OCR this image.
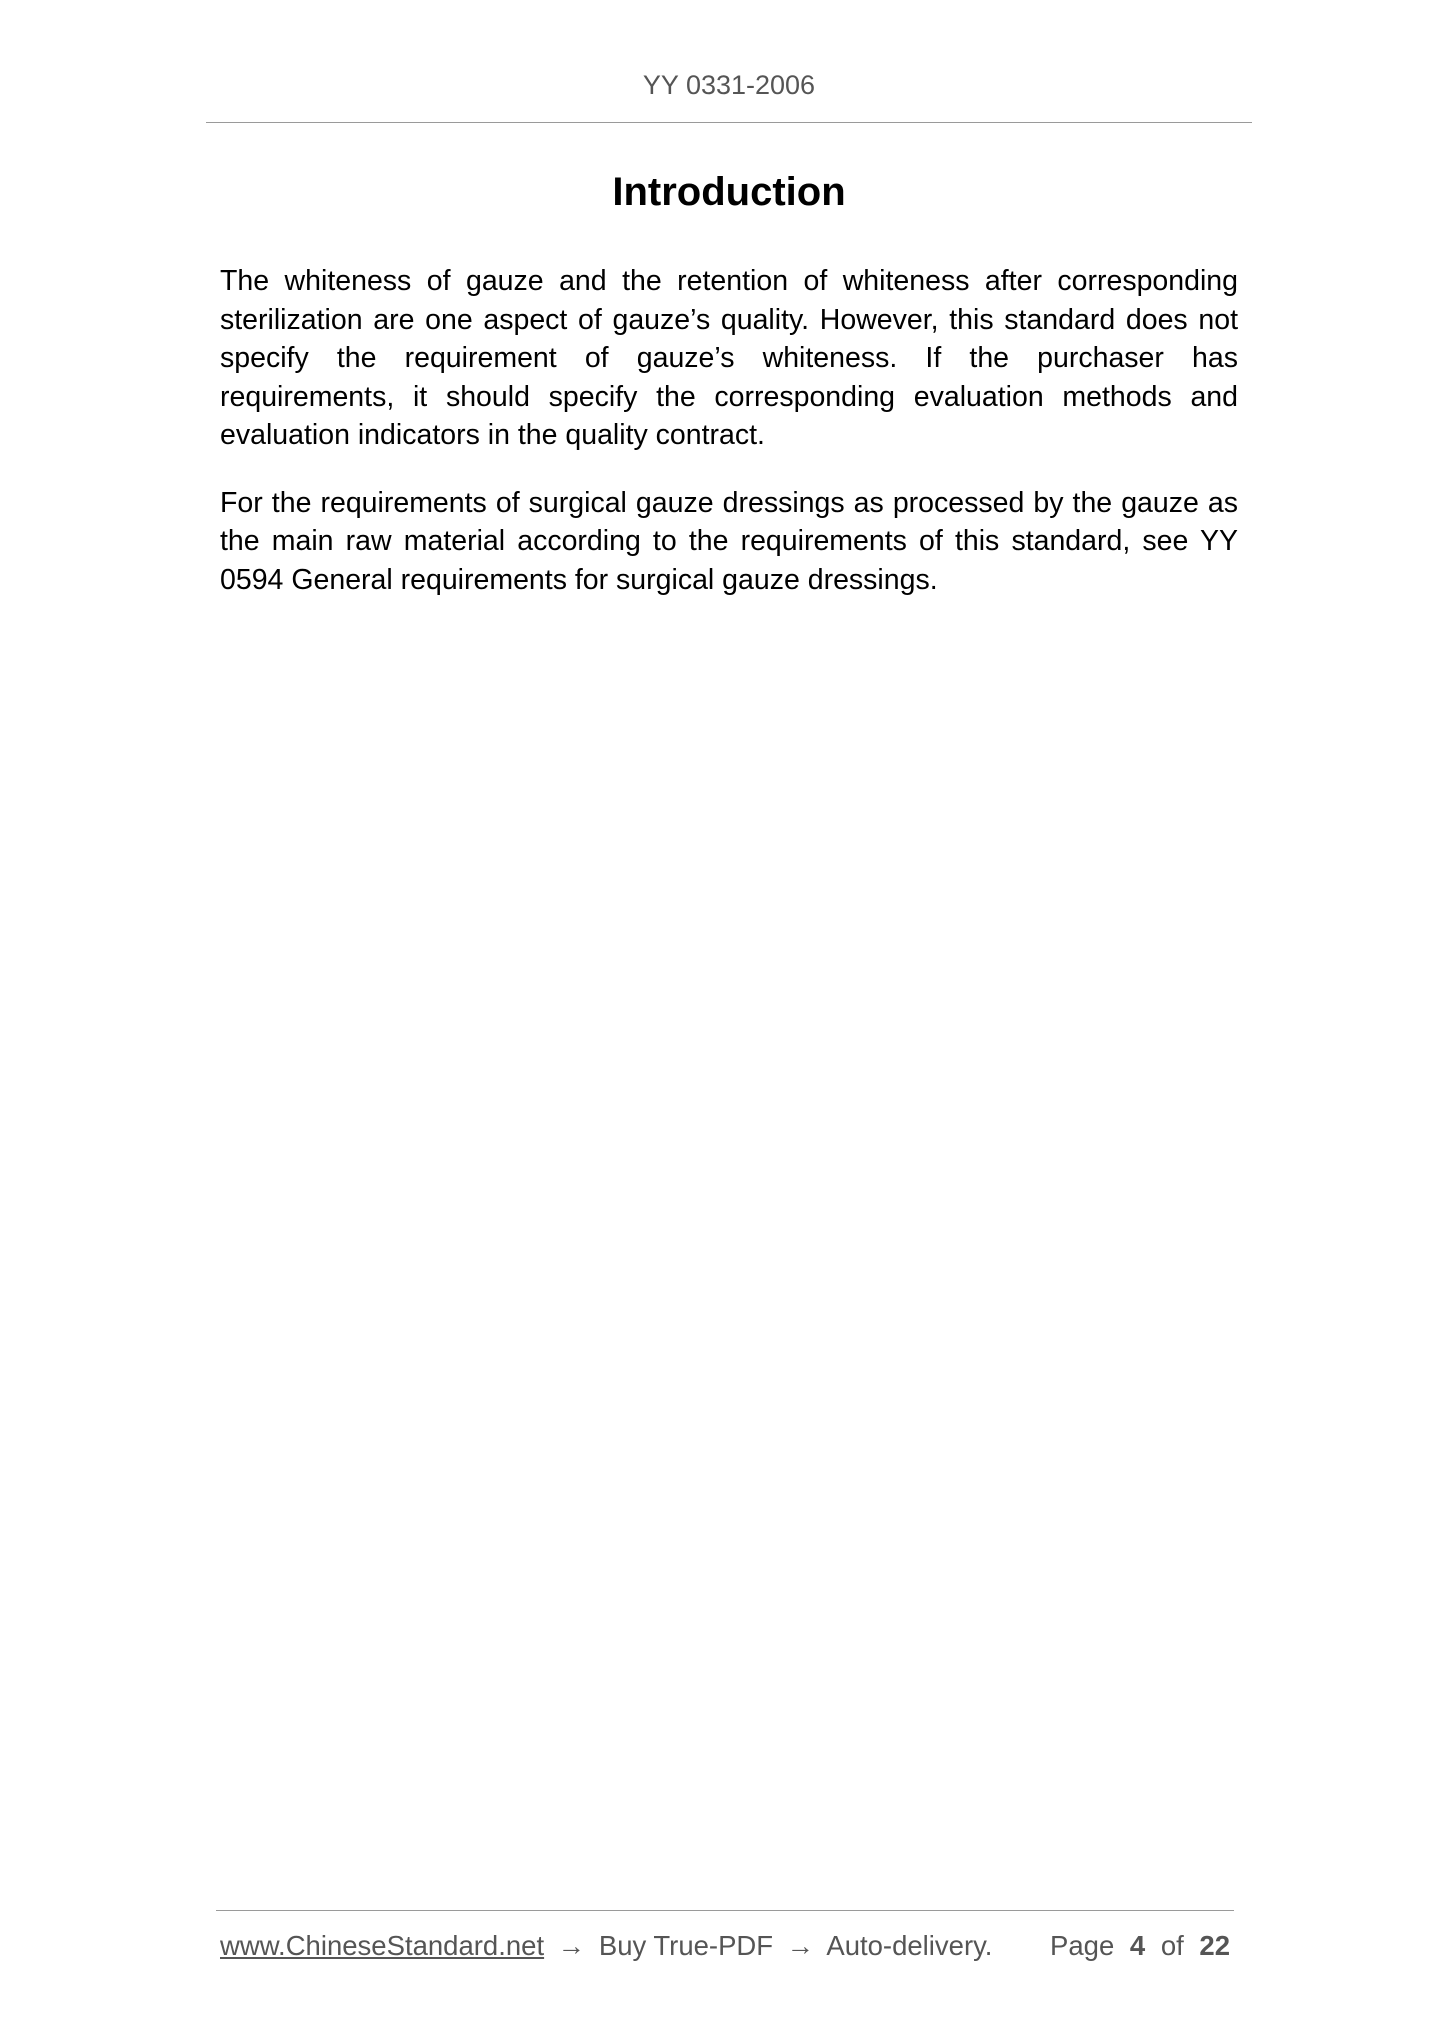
YY 0331-2006
Introduction

The whiteness of gauze and the retention of whiteness after corresponding sterilization are one aspect of gauze’s quality. However, this standard does not specify the requirement of gauze’s whiteness. If the purchaser has requirements, it should specify the corresponding evaluation methods and evaluation indicators in the quality contract.

For the requirements of surgical gauze dressings as processed by the gauze as the main raw material according to the requirements of this standard, see YY 0594 General requirements for surgical gauze dressings.

www.ChineseStandard.net → Buy True-PDF → Auto-delivery. Page 4 of 22
